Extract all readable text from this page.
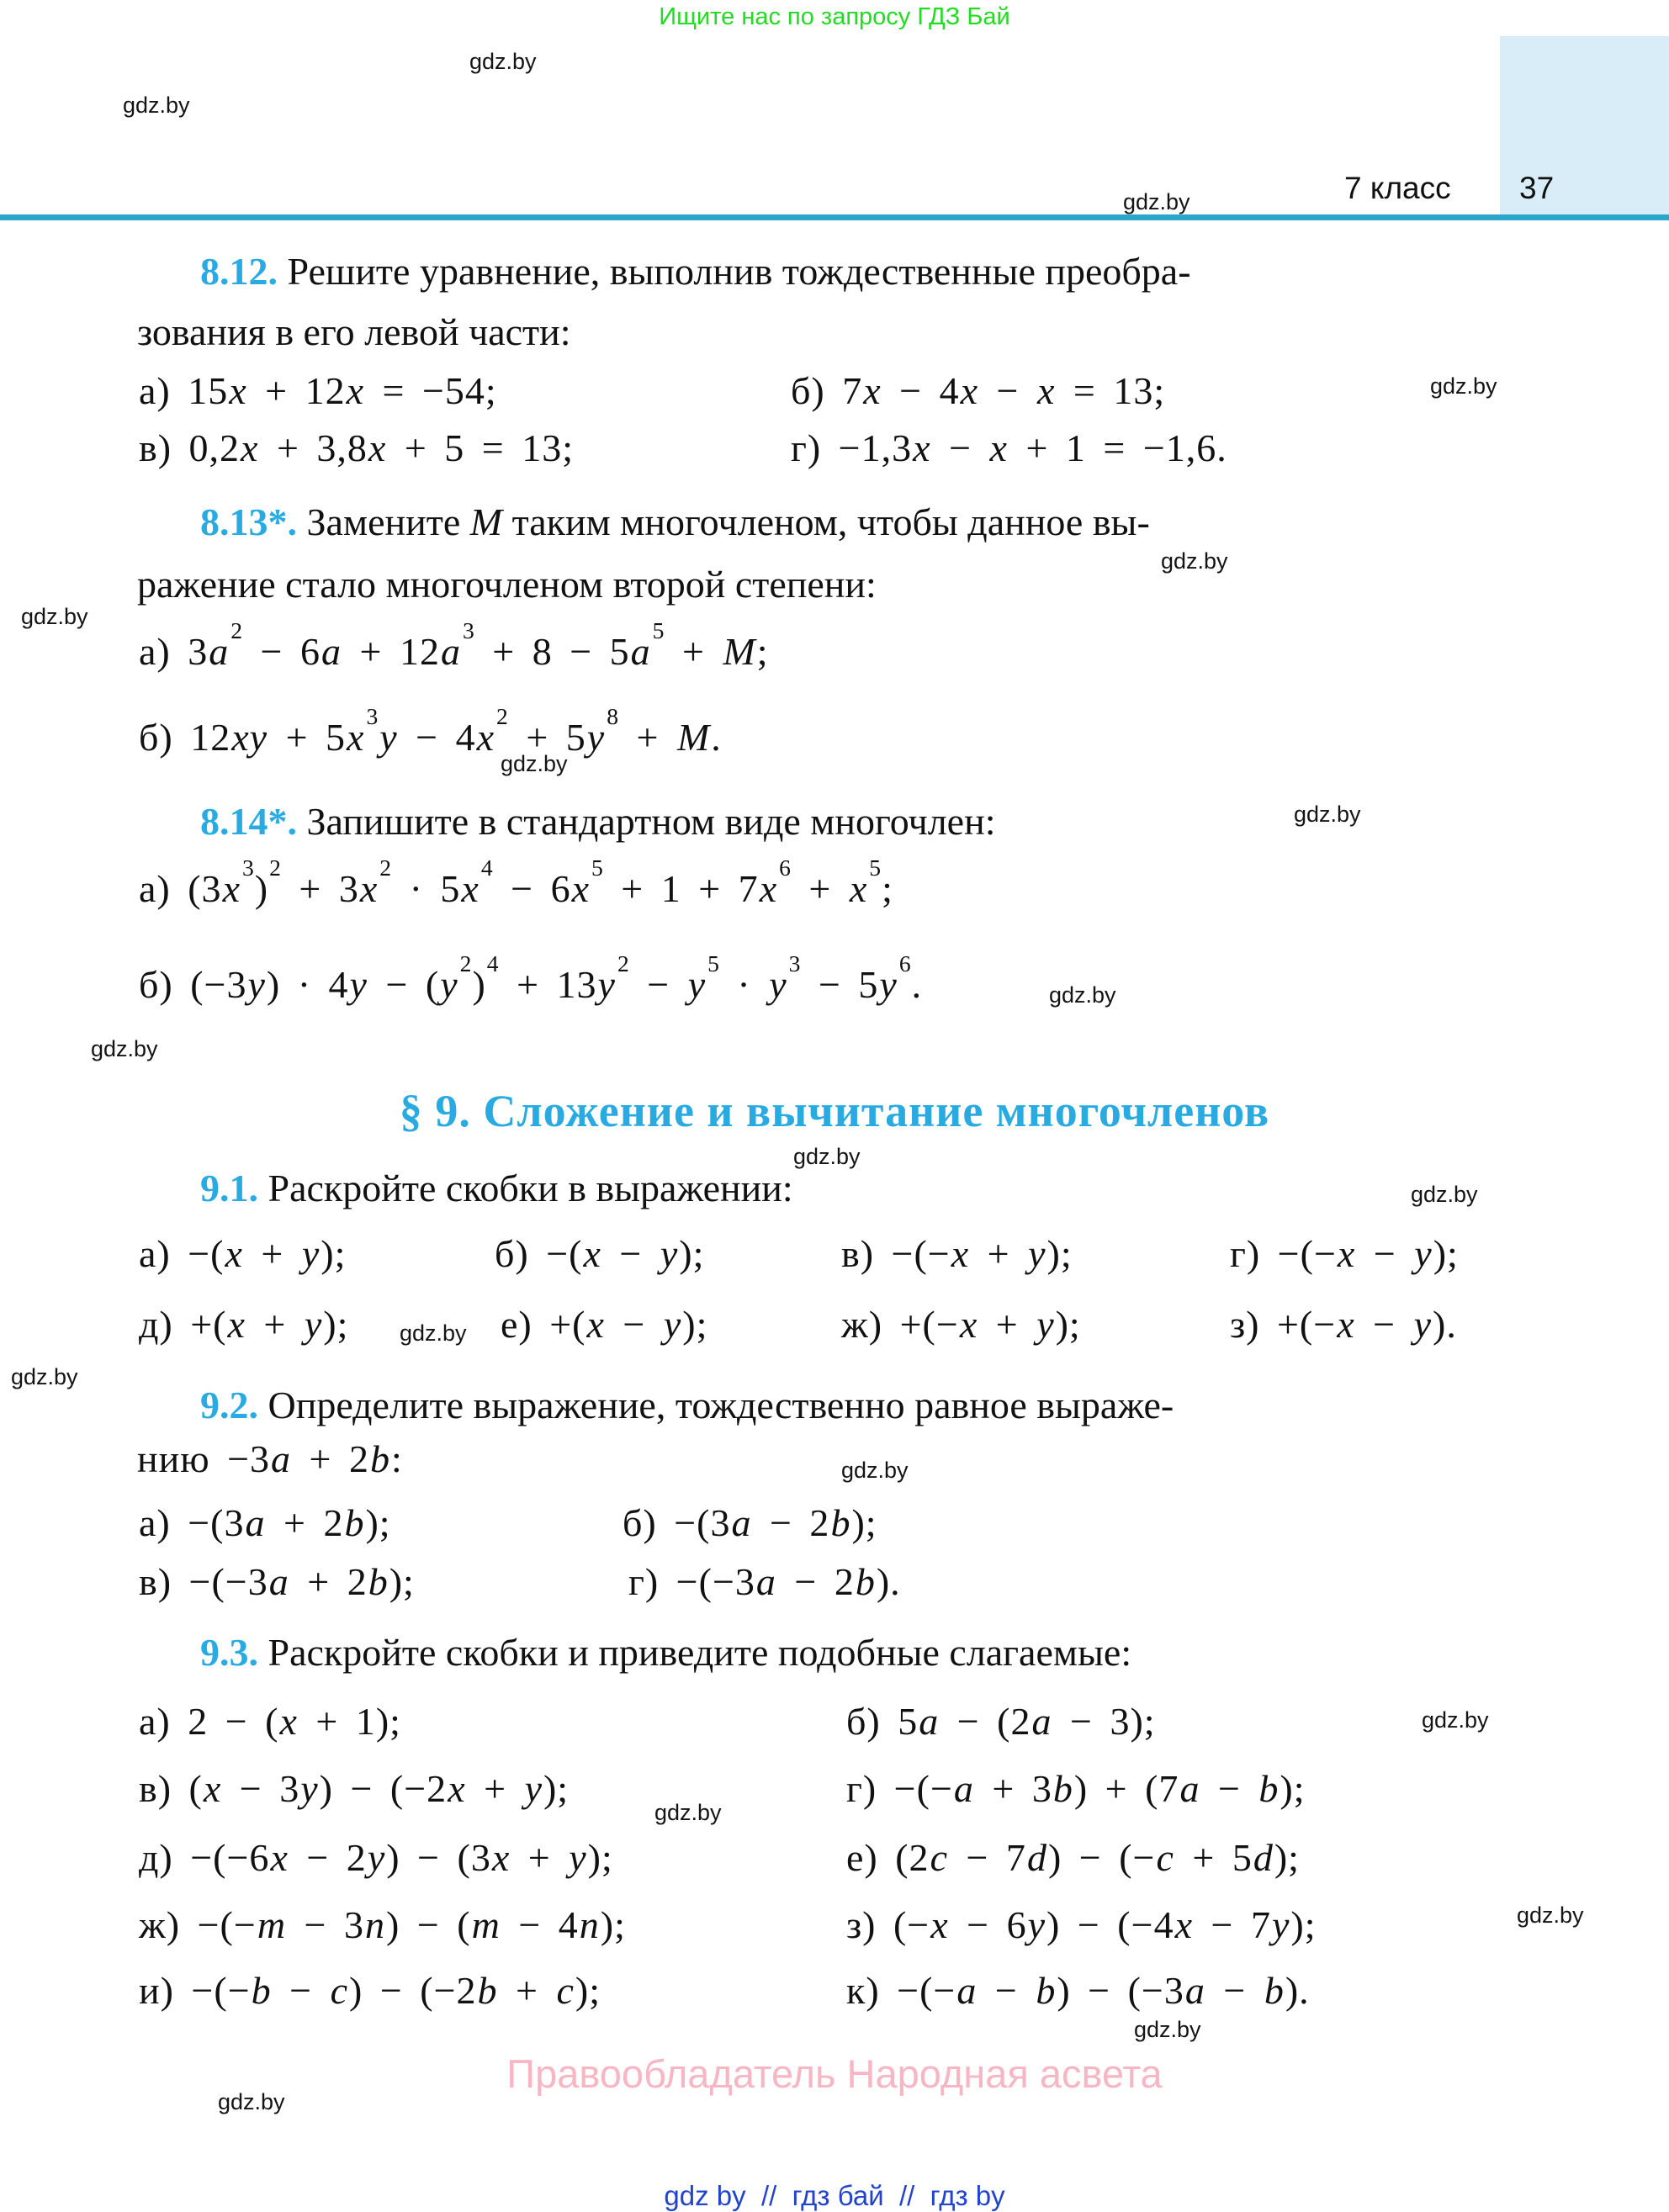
Ищите нас по запросу ГДЗ Бай
7 класс 37
8.12. Решите уравнение, выполнив тождественные преобра-
зования в его левой части:
а) 15x + 12x = −54;	б) 7x − 4x − x = 13;
в) 0,2x + 3,8x + 5 = 13;	г) −1,3x − x + 1 = −1,6.
8.13*. Замените M таким многочленом, чтобы данное вы-
ражение стало многочленом второй степени:
а) $3a^2 - 6a + 12a^3 + 8 - 5a^5 + M$;
б) $12xy + 5x^3y - 4x^2 + 5y^8 + M$.
8.14*. Запишите в стандартном виде многочлен:
а) $(3x^3)^2 + 3x^2 \cdot 5x^4 - 6x^5 + 1 + 7x^6 + x^5$;
б) $(-3y) \cdot 4y - (y^2)^4 + 13y^2 - y^5 \cdot y^3 - 5y^6$.
§ 9. Сложение и вычитание многочленов
9.1. Раскройте скобки в выражении:
а) −(x + y);	б) −(x − y);	в) −(−x + y);	г) −(−x − y);
д) +(x + y);	е) +(x − y);	ж) +(−x + y);	з) +(−x − y).
9.2. Определите выражение, тождественно равное выраже-
нию −3a + 2b:
а) −(3a + 2b);	б) −(3a − 2b);
в) −(−3a + 2b);	г) −(−3a − 2b).
9.3. Раскройте скобки и приведите подобные слагаемые:
а) 2 − (x + 1);	б) 5a − (2a − 3);
в) (x − 3y) − (−2x + y);	г) −(−a + 3b) + (7a − b);
д) −(−6x − 2y) − (3x + y);	е) (2c − 7d) − (−c + 5d);
ж) −(−m − 3n) − (m − 4n);	з) (−x − 6y) − (−4x − 7y);
и) −(−b − c) − (−2b + c);	к) −(−a − b) − (−3a − b).
Правообладатель Народная асвета
gdz by  //  гдз бай  //  гдз by
gdz.by
gdz.by
gdz.by
gdz.by
gdz.by
gdz.by
gdz.by
gdz.by
gdz.by
gdz.by
gdz.by
gdz.by
gdz.by
gdz.by
gdz.by
gdz.by
gdz.by
gdz.by
gdz.by
gdz.by
